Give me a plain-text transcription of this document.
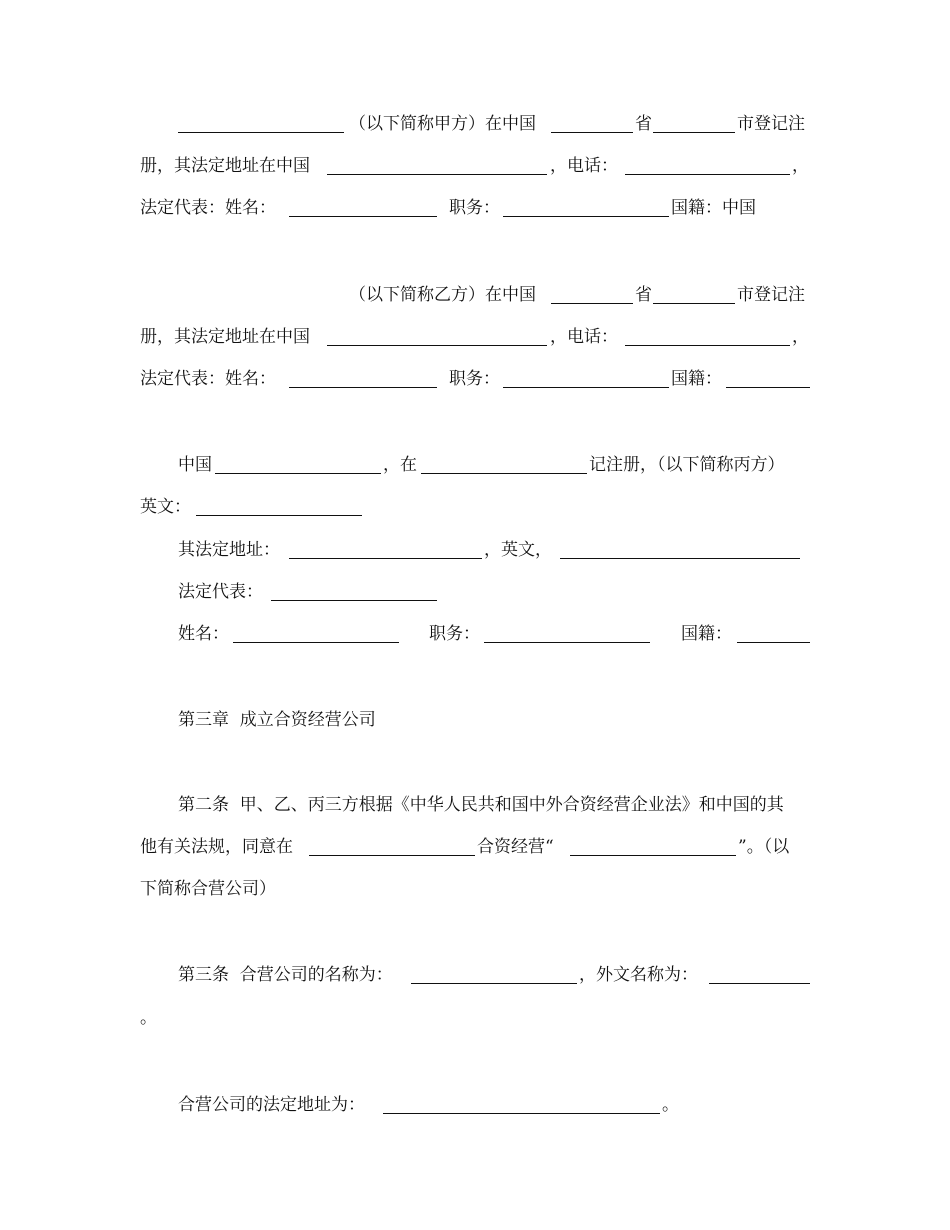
（以下简称甲方）在中国	省	市登记注
册，其法定地址在中国	，电话：	，
法定代表：姓名：	职务：	国籍：中国
（以下简称乙方）在中国	省	市登记注
册，其法定地址在中国	，电话：	，
法定代表：姓名：	职务：	国籍：
中国	，在	记注册，（以下简称丙方）
英文：
其法定地址：	，英文，
法定代表：
姓名：	职务：	国籍：
第三章  成立合资经营公司
第二条  甲、乙、丙三方根据《中华人民共和国中外合资经营企业法》和中国的其
他有关法规，同意在	合资经营“	”。（以
下简称合营公司）
第三条  合营公司的名称为：	，外文名称为：
。
合营公司的法定地址为：	。
